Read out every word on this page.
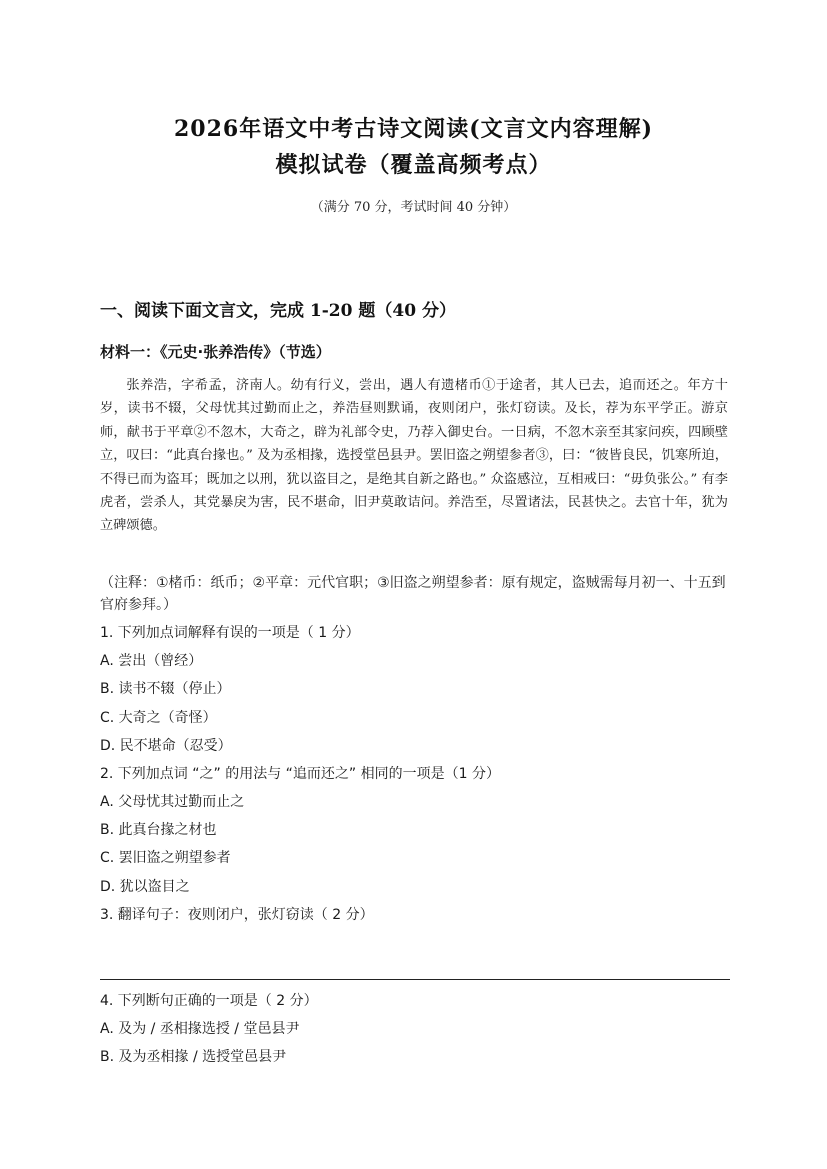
2026年语文中考古诗文阅读(文言文内容理解)
模拟试卷（覆盖高频考点）
（满分 70 分，考试时间 40 分钟）
一、阅读下面文言文，完成 1-20 题（40 分）
材料一：《元史·张养浩传》（节选）

张养浩，字希孟，济南人。幼有行义，尝出，遇人有遗楮币①于途者，其人已去，追而还之。年方十岁，读书不辍，父母忧其过勤而止之，养浩昼则默诵，夜则闭户，张灯窃读。及长，荐为东平学正。游京师，献书于平章②不忽木，大奇之，辟为礼部令史，乃荐入御史台。一日病，不忽木亲至其家问疾，四顾壁立，叹曰：“此真台掾也。” 及为丞相掾，选授堂邑县尹。罢旧盗之朔望参者③，曰：“彼皆良民，饥寒所迫，不得已而为盗耳；既加之以刑，犹以盗目之，是绝其自新之路也。” 众盗感泣，互相戒曰：“毋负张公。” 有李虎者，尝杀人，其党暴戾为害，民不堪命，旧尹莫敢诘问。养浩至，尽置诸法，民甚快之。去官十年，犹为立碑颂德。

（注释：①楮币：纸币；②平章：元代官职；③旧盗之朔望参者：原有规定，盗贼需每月初一、十五到官府参拜。）

1. 下列加点词解释有误的一项是（ 1 分）
A. 尝出（曾经）
B. 读书不辍（停止）
C. 大奇之（奇怪）
D. 民不堪命（忍受）
2. 下列加点词 “之” 的用法与 “追而还之” 相同的一项是（1 分）
A. 父母忧其过勤而止之
B. 此真台掾之材也
C. 罢旧盗之朔望参者
D. 犹以盗目之
3. 翻译句子：夜则闭户，张灯窃读（ 2 分）
4. 下列断句正确的一项是（ 2 分）
A. 及为 / 丞相掾选授 / 堂邑县尹
B. 及为丞相掾 / 选授堂邑县尹
